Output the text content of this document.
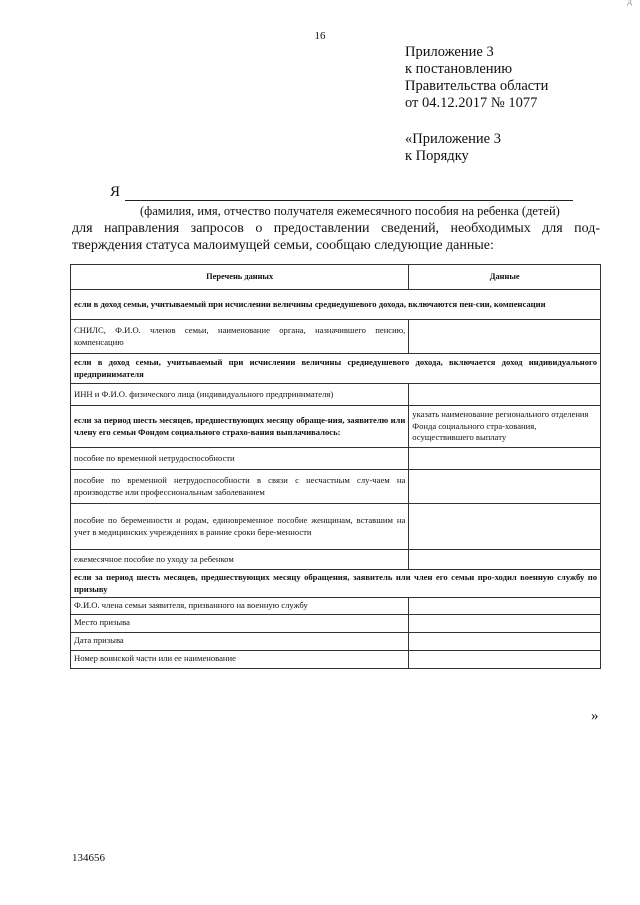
16
д
Приложение 3
к постановлению
Правительства области
от 04.12.2017 № 1077
«Приложение 3
к Порядку
Я
(фамилия, имя, отчество получателя ежемесячного пособия на ребенка (детей)
для направления запросов о предоставлении сведений, необходимых для под-
тверждения статуса малоимущей семьи, сообщаю следующие данные:
Перечень данных	Данные
если в доход семьи, учитываемый при исчислении величины среднедушевого дохода, включаются пен-сии, компенсации	
СНИЛС, Ф.И.О. членов семьи, наименование органа, назначившего пенсию, компенсацию	
если в доход семьи, учитываемый при исчислении величины среднедушевого дохода, включается доход индивидуального предпринимателя	
ИНН и Ф.И.О. физического лица (индивидуального предпринимателя)	
если за период шесть месяцев, предшествующих месяцу обраще-ния, заявителю или члену его семьи Фондом социального страхо-вания выплачивалось:	указать наименование регионального отделения Фонда социального стра-хования, осуществившего выплату
пособие по временной нетрудоспособности	
пособие по временной нетрудоспособности в связи с несчастным слу-чаем на производстве или профессиональным заболеванием	
пособие по беременности и родам, единовременное пособие женщинам, вставшим на учет в медицинских учреждениях в ранние сроки бере-менности	
ежемесячное пособие по уходу за ребенком	
если за период шесть месяцев, предшествующих месяцу обращения, заявитель или член его семьи про-ходил военную службу по призыву	
Ф.И.О. члена семьи заявителя, призванного на военную службу	
Место призыва	
Дата призыва	
Номер воинской части или ее наименование	
»
134656
